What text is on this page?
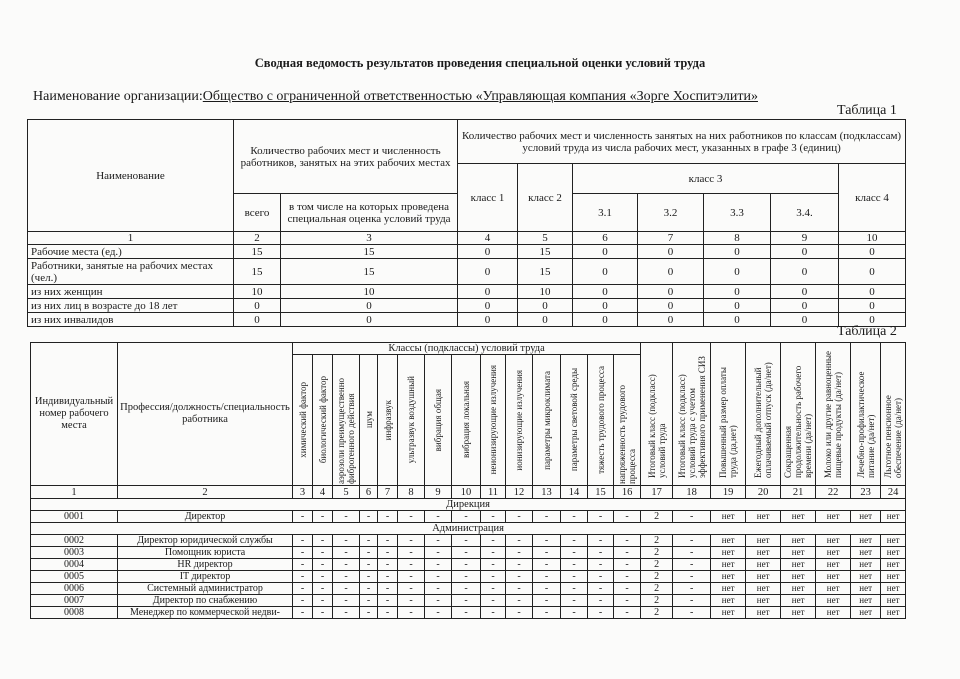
Сводная ведомость результатов проведения специальной оценки условий труда
Наименование организации:Общество с ограниченной ответственностью «Управляющая компания «Зорге Хоспитэлити»
Таблица 1
Наименование	Количество рабочих мест и численность работников, занятых на этих рабочих местах		Количество рабочих мест и численность занятых на них работников по классам (подклассам) условий труда из числа рабочих мест, указанных в графе 3 (единиц)						
			класс 1	класс 2	класс 3				класс 4
	всего	в том числе на которых проведена специальная оценка условий труда			3.1	3.2	3.3	3.4.	
1	2	3	4	5	6	7	8	9	10
Рабочие места (ед.)	15	15	0	15	0	0	0	0	0
Работники, занятые на рабочих местах (чел.)	15	15	0	15	0	0	0	0	0
из них женщин	10	10	0	10	0	0	0	0	0
из них лиц в возрасте до 18 лет	0	0	0	0	0	0	0	0	0
из них инвалидов	0	0	0	0	0	0	0	0	0
Таблица 2
Индивидуальный номер рабочего места	Профессия/должность/специальность работника	Классы (подклассы) условий труда														Итоговый класс (подкласс) условий труда	Итоговый класс (подкласс) условий труда с учетом эффективного применения СИЗ	Повышенный размер оплаты труда (да,нет)	Ежегодный дополнительный оплачиваемый отпуск (да/нет)	Сокращенная продолжительность рабочего времени (да/нет)	Молоко или другие равноценные пищевые продукты (да/нет)	Лечебно-профилактическое питание (да/нет)	Льготное пенсионное обеспечение (да/нет)

		химический фактор	биологический фактор	аэрозоли преимущественно фиброгенного действия	шум	инфразвук	ультразвук воздушный	вибрация общая	вибрация локальная	неионизирующие излучения	ионизирующие излучения	параметры микроклимата	параметры световой среды	тяжесть трудового процесса	напряженность трудового процесса								

1	2	3	4	5	6	7	8	9	10	11	12	13	14	15	16	17	18	19	20	21	22	23	24
Дирекция																							
0001	Директор	-	-	-	-	-	-	-	-	-	-	-	-	-	-	2	-	нет	нет	нет	нет	нет	нет
Администрация																							
0002	Директор юридической службы	-	-	-	-	-	-	-	-	-	-	-	-	-	-	2	-	нет	нет	нет	нет	нет	нет
0003	Помощник юриста	-	-	-	-	-	-	-	-	-	-	-	-	-	-	2	-	нет	нет	нет	нет	нет	нет
0004	HR директор	-	-	-	-	-	-	-	-	-	-	-	-	-	-	2	-	нет	нет	нет	нет	нет	нет
0005	IT директор	-	-	-	-	-	-	-	-	-	-	-	-	-	-	2	-	нет	нет	нет	нет	нет	нет
0006	Системный администратор	-	-	-	-	-	-	-	-	-	-	-	-	-	-	2	-	нет	нет	нет	нет	нет	нет
0007	Директор по снабжению	-	-	-	-	-	-	-	-	-	-	-	-	-	-	2	-	нет	нет	нет	нет	нет	нет
0008	Менеджер по коммерческой недви-	-	-	-	-	-	-	-	-	-	-	-	-	-	-	2	-	нет	нет	нет	нет	нет	нет
